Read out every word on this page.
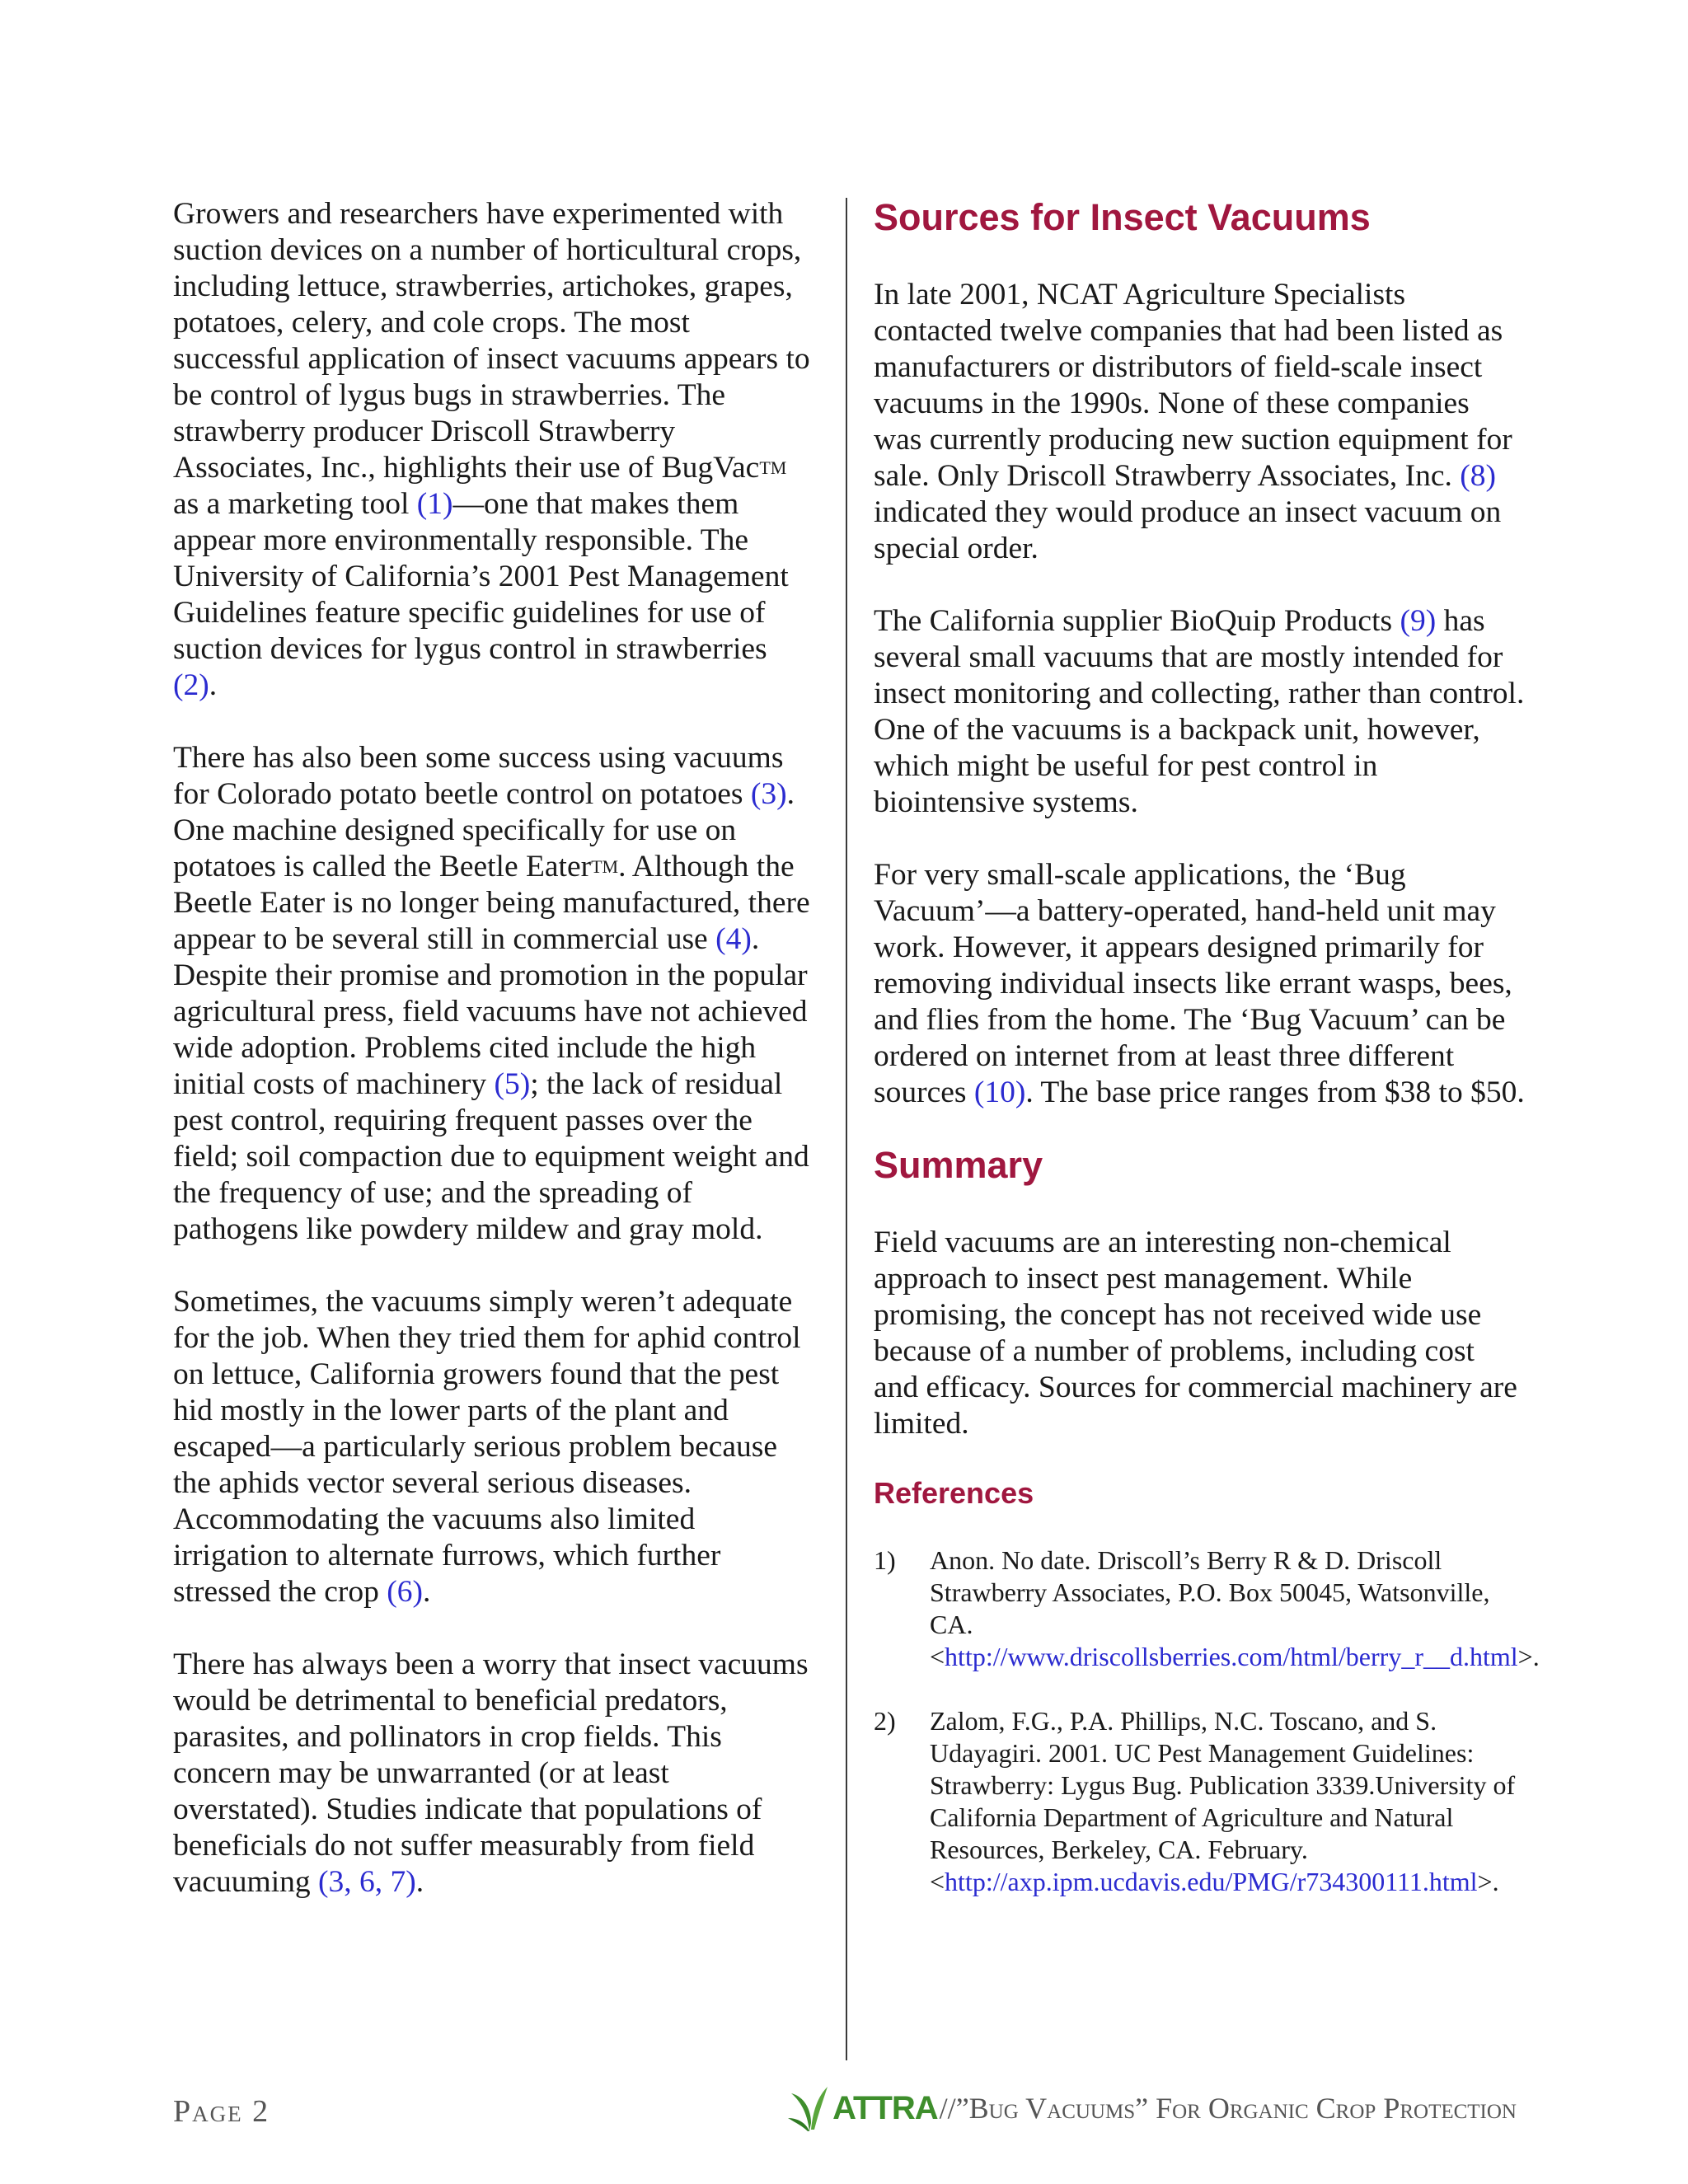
Growers and researchers have experimented with suction devices on a number of horticultural crops, including lettuce, strawberries, artichokes, grapes, potatoes, celery, and cole crops. The most successful application of insect vacuums appears to be control of lygus bugs in strawberries. The strawberry producer Driscoll Strawberry Associates, Inc., highlights their use of BugVacTM as a marketing tool (1)—one that makes them appear more environmentally responsible. The University of California’s 2001 Pest Management Guidelines feature specific guidelines for use of suction devices for lygus control in strawberries (2).

There has also been some success using vacuums for Colorado potato beetle control on potatoes (3). One machine designed specifically for use on potatoes is called the Beetle EaterTM. Although the Beetle Eater is no longer being manufactured, there appear to be several still in commercial use (4).

Despite their promise and promotion in the popular agricultural press, field vacuums have not achieved wide adoption. Problems cited include the high initial costs of machinery (5); the lack of residual pest control, requiring frequent passes over the field; soil compaction due to equipment weight and the frequency of use; and the spreading of pathogens like powdery mildew and gray mold.

Sometimes, the vacuums simply weren’t adequate for the job. When they tried them for aphid control on lettuce, California growers found that the pest hid mostly in the lower parts of the plant and escaped—a particularly serious problem because the aphids vector several serious diseases. Accommodating the vacuums also limited irrigation to alternate furrows, which further stressed the crop (6).

There has always been a worry that insect vacuums would be detrimental to beneficial predators, parasites, and pollinators in crop fields. This concern may be unwarranted (or at least overstated). Studies indicate that populations of beneficials do not suffer measurably from field vacuuming (3, 6, 7).

Sources for Insect Vacuums

In late 2001, NCAT Agriculture Specialists contacted twelve companies that had been listed as manufacturers or distributors of field-scale insect vacuums in the 1990s. None of these companies was currently producing new suction equipment for sale. Only Driscoll Strawberry Associates, Inc. (8) indicated they would produce an insect vacuum on special order.

The California supplier BioQuip Products (9) has several small vacuums that are mostly intended for insect monitoring and collecting, rather than control. One of the vacuums is a backpack unit, however, which might be useful for pest control in biointensive systems.

For very small-scale applications, the ‘Bug Vacuum’—a battery-operated, hand-held unit may work. However, it appears designed primarily for removing individual insects like errant wasps, bees, and flies from the home. The ‘Bug Vacuum’ can be ordered on internet from at least three different sources (10). The base price ranges from $38 to $50.

Summary

Field vacuums are an interesting non-chemical approach to insect pest management. While promising, the concept has not received wide use because of a number of problems, including cost and efficacy. Sources for commercial machinery are limited.

References
1)	Anon. No date. Driscoll’s Berry R & D. Driscoll Strawberry Associates, P.O. Box 50045, Watsonville, CA. <http://www.driscollsberries.com/html/berry_r__d.html>.
2)	Zalom, F.G., P.A. Phillips, N.C. Toscano, and S. Udayagiri. 2001. UC Pest Management Guidelines: Strawberry: Lygus Bug. Publication 3339.University of California Department of Agriculture and Natural Resources, Berkeley, CA. February. <http://axp.ipm.ucdavis.edu/PMG/r734300111.html>.
Page 2	ATTRA // ”Bug Vacuums” For Organic Crop Protection
